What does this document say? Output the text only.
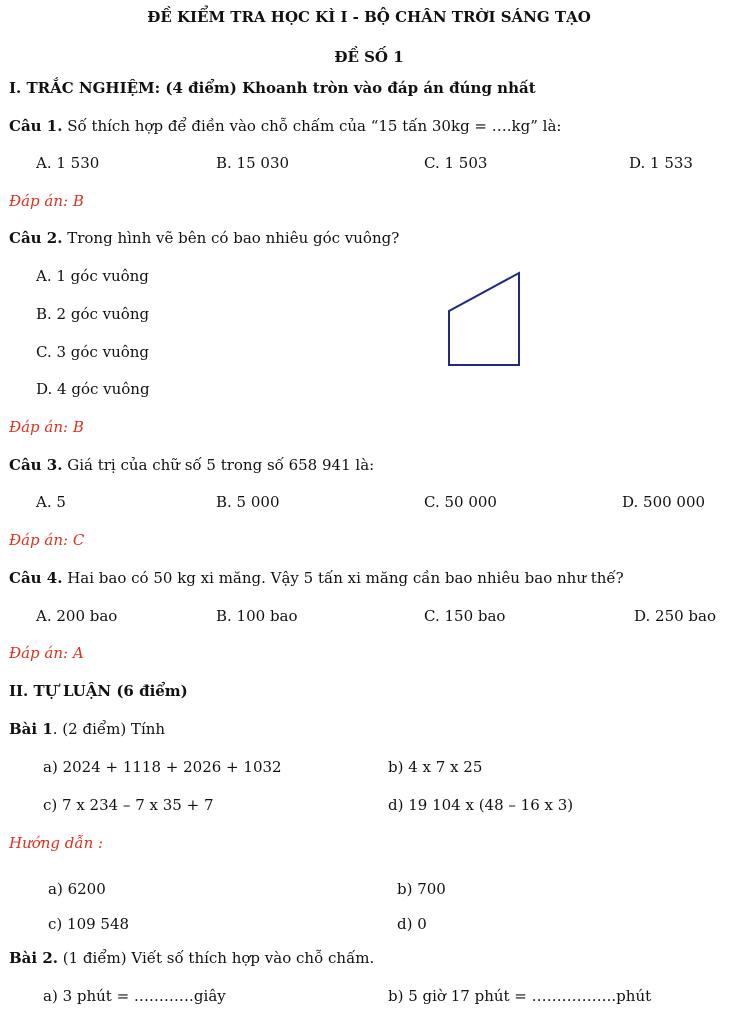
ĐỀ KIỂM TRA HỌC KÌ I - BỘ CHÂN TRỜI SÁNG TẠO
ĐỀ SỐ 1
I. TRẮC NGHIỆM: (4 điểm) Khoanh tròn vào đáp án đúng nhất
Câu 1. Số thích hợp để điền vào chỗ chấm của “15 tấn 30kg = ….kg” là:
A. 1 530	B. 15 030	C. 1 503	D. 1 533
Đáp án: B
Câu 2. Trong hình vẽ bên có bao nhiêu góc vuông?
A. 1 góc vuông
B. 2 góc vuông
C. 3 góc vuông
D. 4 góc vuông
Đáp án: B
Câu 3. Giá trị của chữ số 5 trong số 658 941 là:
A. 5	B. 5 000	C. 50 000	D. 500 000
Đáp án: C
Câu 4. Hai bao có 50 kg xi măng. Vậy 5 tấn xi măng cần bao nhiêu bao như thế?
A. 200 bao	B. 100 bao	C. 150 bao	D. 250 bao
Đáp án: A
II. TỰ LUẬN (6 điểm)
Bài 1. (2 điểm) Tính
a) 2024 + 1118 + 2026 + 1032	b) 4 x 7 x 25
c) 7 x 234 – 7 x 35 + 7	d) 19 104 x (48 – 16 x 3)
Hướng dẫn :
a) 6200	b) 700
c) 109 548	d) 0
Bài 2. (1 điểm) Viết số thích hợp vào chỗ chấm.
a) 3 phút = …………giây	b) 5 giờ 17 phút = ……………..phút
